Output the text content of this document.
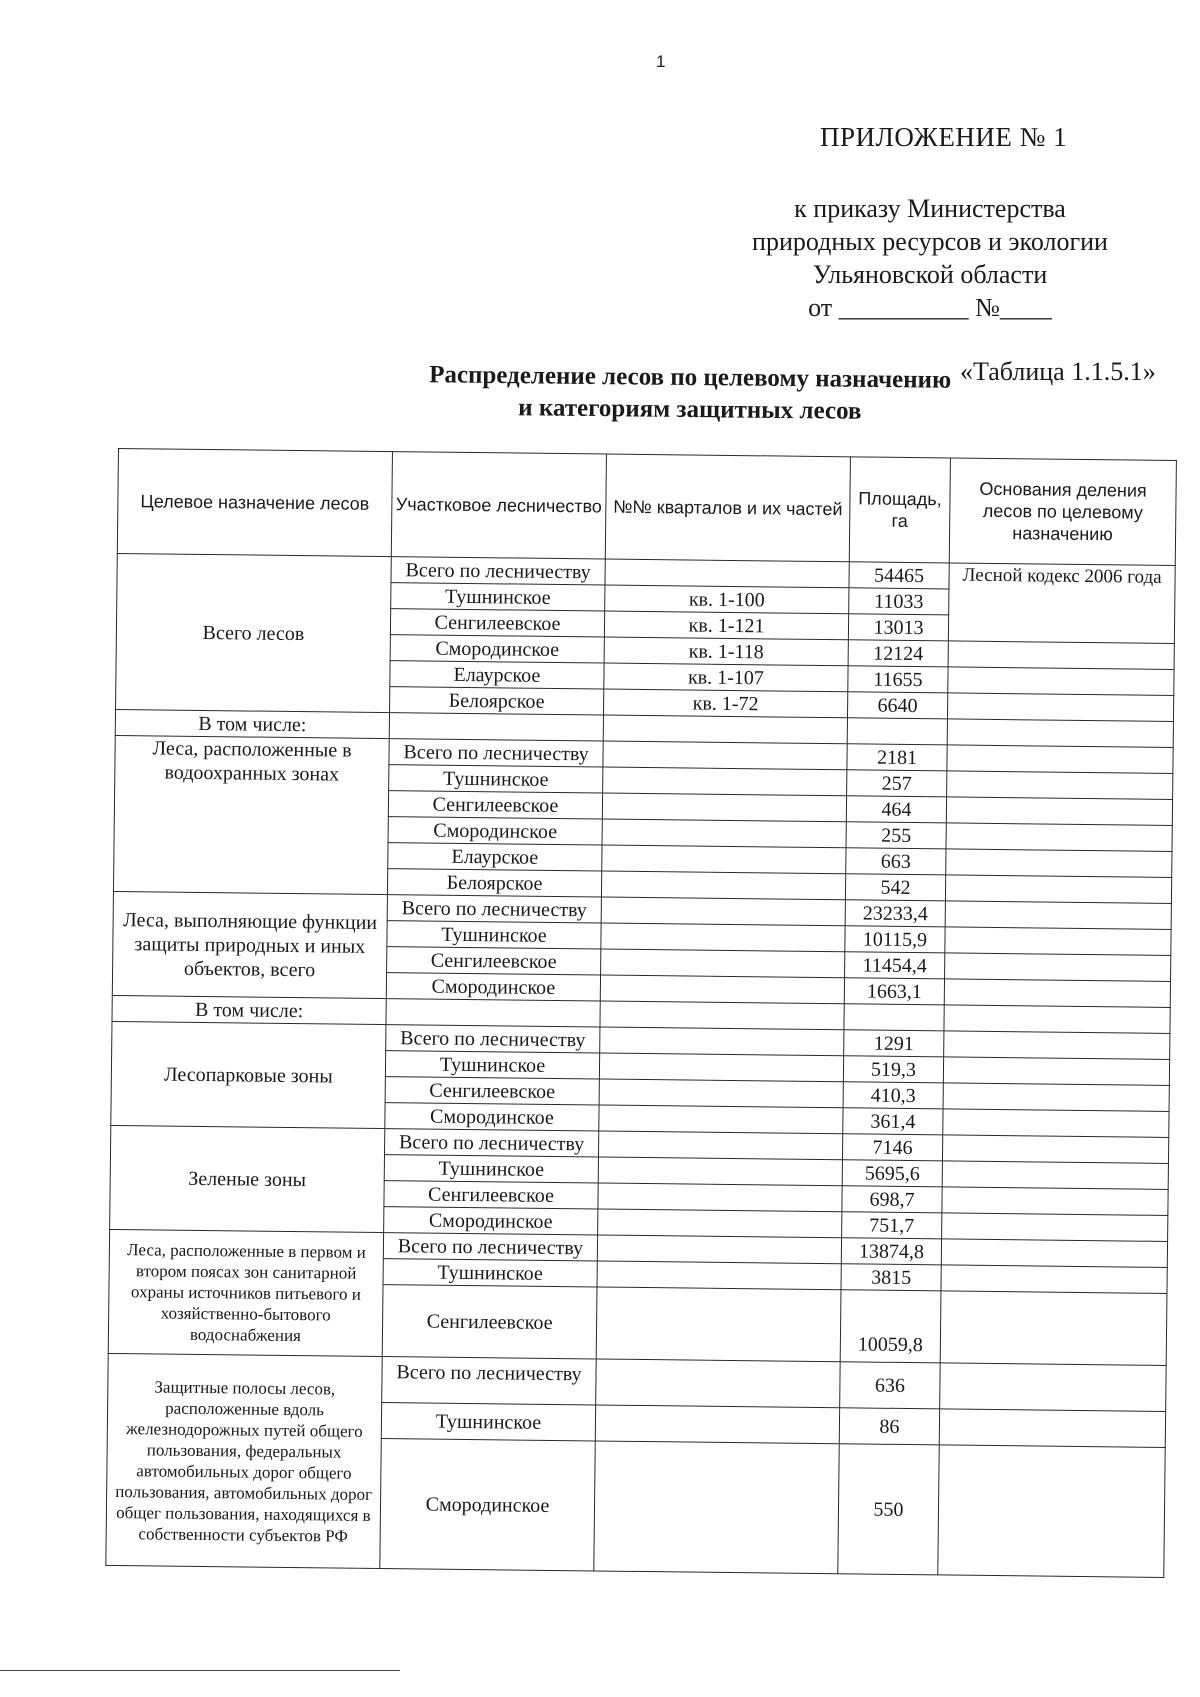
1
ПРИЛОЖЕНИЕ № 1
к приказу Министерства
природных ресурсов и экологии
Ульяновской области
от __________ №____
«Таблица 1.1.5.1»
Распределение лесов по целевому назначению
и категориям защитных лесов
Целевое назначение лесов	Участковое лесничество	№№ кварталов и их частей	Площадь, га	Основания деления лесов по целевому назначению
Всего лесов	Всего по лесничеству		54465	Лесной кодекс 2006 года
	Тушнинское	кв. 1-100	11033	
	Сенгилеевское	кв. 1-121	13013	
	Смородинское	кв. 1-118	12124	
	Елаурское	кв. 1-107	11655	
	Белоярское	кв. 1-72	6640	
В том числе:				
Леса, расположенные в водоохранных зонах	Всего по лесничеству		2181	
	Тушнинское		257	
	Сенгилеевское		464	
	Смородинское		255	
	Елаурское		663	
	Белоярское		542	
Леса, выполняющие функции защиты природных и иных объектов, всего	Всего по лесничеству		23233,4	
	Тушнинское		10115,9	
	Сенгилеевское		11454,4	
	Смородинское		1663,1	
В том числе:				
Лесопарковые зоны	Всего по лесничеству		1291	
	Тушнинское		519,3	
	Сенгилеевское		410,3	
	Смородинское		361,4	
Зеленые зоны	Всего по лесничеству		7146	
	Тушнинское		5695,6	
	Сенгилеевское		698,7	
	Смородинское		751,7	
Леса, расположенные в первом и втором поясах зон санитарной охраны источников питьевого и хозяйственно-бытового водоснабжения	Всего по лесничеству		13874,8	
	Тушнинское		3815	
	Сенгилеевское		10059,8	
Защитные полосы лесов, расположенные вдоль железнодорожных путей общего пользования, федеральных автомобильных дорог общего пользования, автомобильных дорог общег пользования, находящихся в собственности субъектов РФ	Всего по лесничеству		636	
	Тушнинское		86	
	Смородинское		550	
